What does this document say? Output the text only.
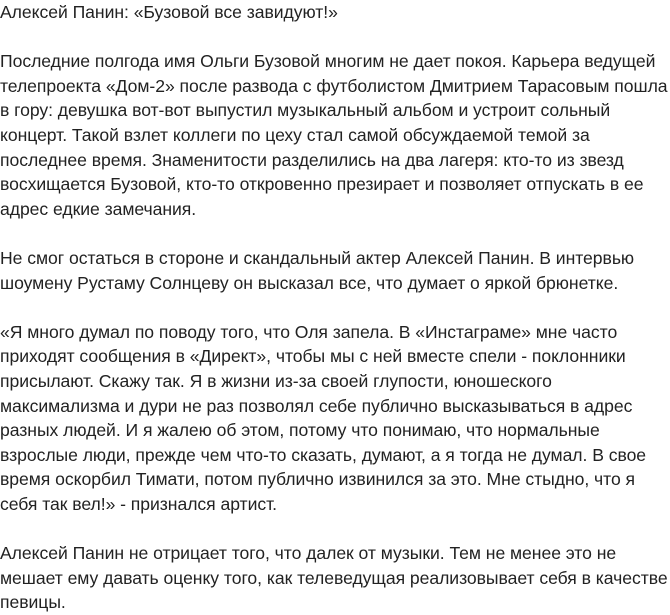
Алексей Панин: «Бузовой все завидуют!»

Последние полгода имя Ольги Бузовой многим не дает покоя. Карьера ведущей
телепроекта «Дом-2» после развода с футболистом Дмитрием Тарасовым пошла
в гору: девушка вот-вот выпустил музыкальный альбом и устроит сольный
концерт. Такой взлет коллеги по цеху стал самой обсуждаемой темой за
последнее время. Знаменитости разделились на два лагеря: кто-то из звезд
восхищается Бузовой, кто-то откровенно презирает и позволяет отпускать в ее
адрес едкие замечания.

Не смог остаться в стороне и скандальный актер Алексей Панин. В интервью
шоумену Рустаму Солнцеву он высказал все, что думает о яркой брюнетке.

«Я много думал по поводу того, что Оля запела. В «Инстаграме» мне часто
приходят сообщения в «Директ», чтобы мы с ней вместе спели - поклонники
присылают. Скажу так. Я в жизни из-за своей глупости, юношеского
максимализма и дури не раз позволял себе публично высказываться в адрес
разных людей. И я жалею об этом, потому что понимаю, что нормальные
взрослые люди, прежде чем что-то сказать, думают, а я тогда не думал. В свое
время оскорбил Тимати, потом публично извинился за это. Мне стыдно, что я
себя так вел!» - признался артист.

Алексей Панин не отрицает того, что далек от музыки. Тем не менее это не
мешает ему давать оценку того, как телеведущая реализовывает себя в качестве
певицы.
